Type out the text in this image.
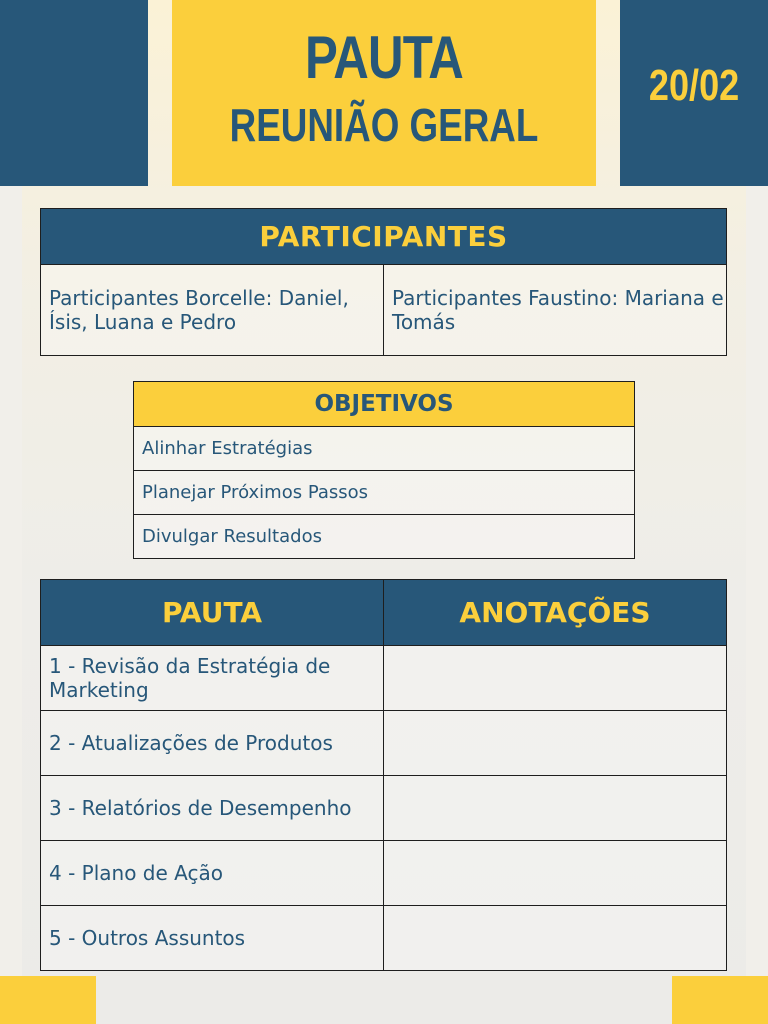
PAUTA
REUNIÃO GERAL
20/02
PARTICIPANTES
Participantes Borcelle: Daniel, Ísis, Luana e Pedro	Participantes Faustino: Mariana e Tomás
OBJETIVOS
Alinhar Estratégias
Planejar Próximos Passos
Divulgar Resultados
PAUTA	ANOTAÇÕES
1 - Revisão da Estratégia de Marketing	
2 - Atualizações de Produtos	
3 - Relatórios de Desempenho	
4 - Plano de Ação	
5 - Outros Assuntos	
